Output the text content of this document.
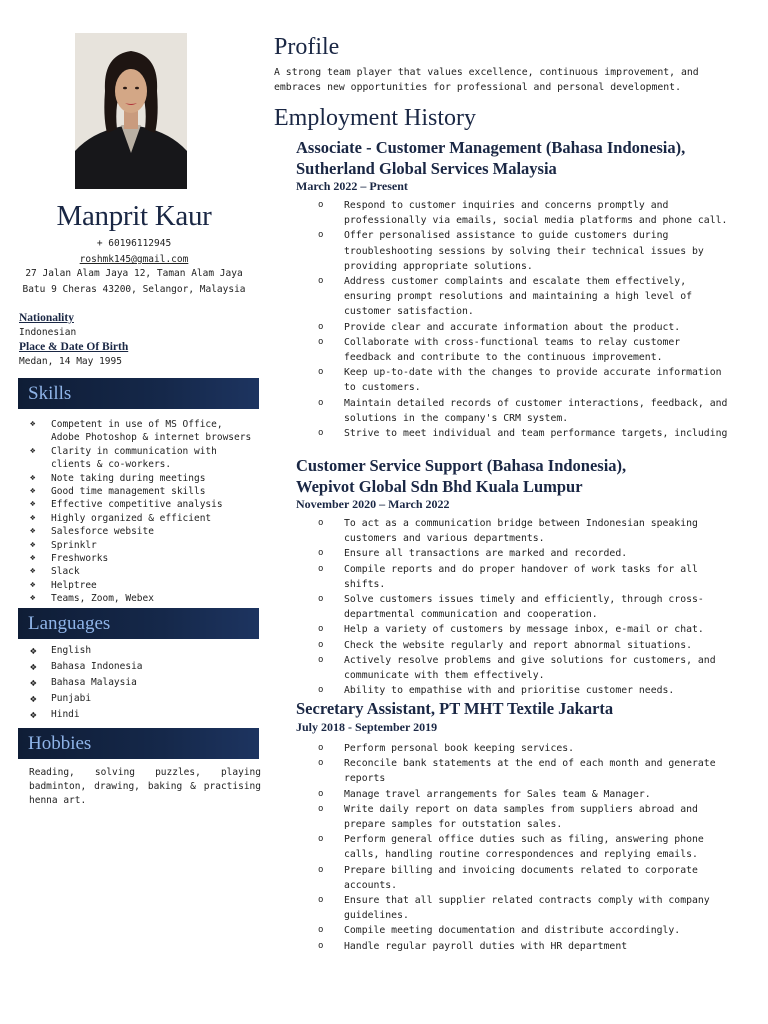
Manprit Kaur
+ 60196112945
roshmk145@gmail.com
27 Jalan Alam Jaya 12, Taman Alam Jaya
Batu 9 Cheras 43200, Selangor, Malaysia
Nationality
Indonesian
Place & Date Of Birth
Medan, 14 May 1995
Skills
❖ Competent in use of MS Office,
Adobe Photoshop & internet browsers
❖ Clarity in communication with
clients & co-workers.
❖ Note taking during meetings
❖ Good time management skills
❖ Effective competitive analysis
❖ Highly organized & efficient
❖ Salesforce website
❖ Sprinklr
❖ Freshworks
❖ Slack
❖ Helptree
❖ Teams, Zoom, Webex
Languages
❖ English
❖ Bahasa Indonesia
❖ Bahasa Malaysia
❖ Punjabi
❖ Hindi
Hobbies
Reading, solving puzzles, playing badminton, drawing, baking & practising henna art.
Profile
A strong team player that values excellence, continuous improvement, and embraces new opportunities for professional and personal development.
Employment History
Associate - Customer Management (Bahasa Indonesia),
Sutherland Global Services Malaysia
March 2022 – Present
o Respond to customer inquiries and concerns promptly and professionally via emails, social media platforms and phone call.
o Offer personalised assistance to guide customers during troubleshooting sessions by solving their technical issues by providing appropriate solutions.
o Address customer complaints and escalate them effectively, ensuring prompt resolutions and maintaining a high level of customer satisfaction.
o Provide clear and accurate information about the product.
o Collaborate with cross-functional teams to relay customer feedback and contribute to the continuous improvement.
o Keep up-to-date with the changes to provide accurate information to customers.
o Maintain detailed records of customer interactions, feedback, and solutions in the company's CRM system.
o Strive to meet individual and team performance targets, including
Customer Service Support (Bahasa Indonesia),
Wepivot Global Sdn Bhd Kuala Lumpur
November 2020 – March 2022
o To act as a communication bridge between Indonesian speaking customers and various departments.
o Ensure all transactions are marked and recorded.
o Compile reports and do proper handover of work tasks for all shifts.
o Solve customers issues timely and efficiently, through cross-departmental communication and cooperation.
o Help a variety of customers by message inbox, e-mail or chat.
o Check the website regularly and report abnormal situations.
o Actively resolve problems and give solutions for customers, and communicate with them effectively.
o Ability to empathise with and prioritise customer needs.
Secretary Assistant, PT MHT Textile Jakarta
July 2018 - September 2019
o Perform personal book keeping services.
o Reconcile bank statements at the end of each month and generate reports
o Manage travel arrangements for Sales team & Manager.
o Write daily report on data samples from suppliers abroad and prepare samples for outstation sales.
o Perform general office duties such as filing, answering phone calls, handling routine correspondences and replying emails.
o Prepare billing and invoicing documents related to corporate accounts.
o Ensure that all supplier related contracts comply with company guidelines.
o Compile meeting documentation and distribute accordingly.
o Handle regular payroll duties with HR department
